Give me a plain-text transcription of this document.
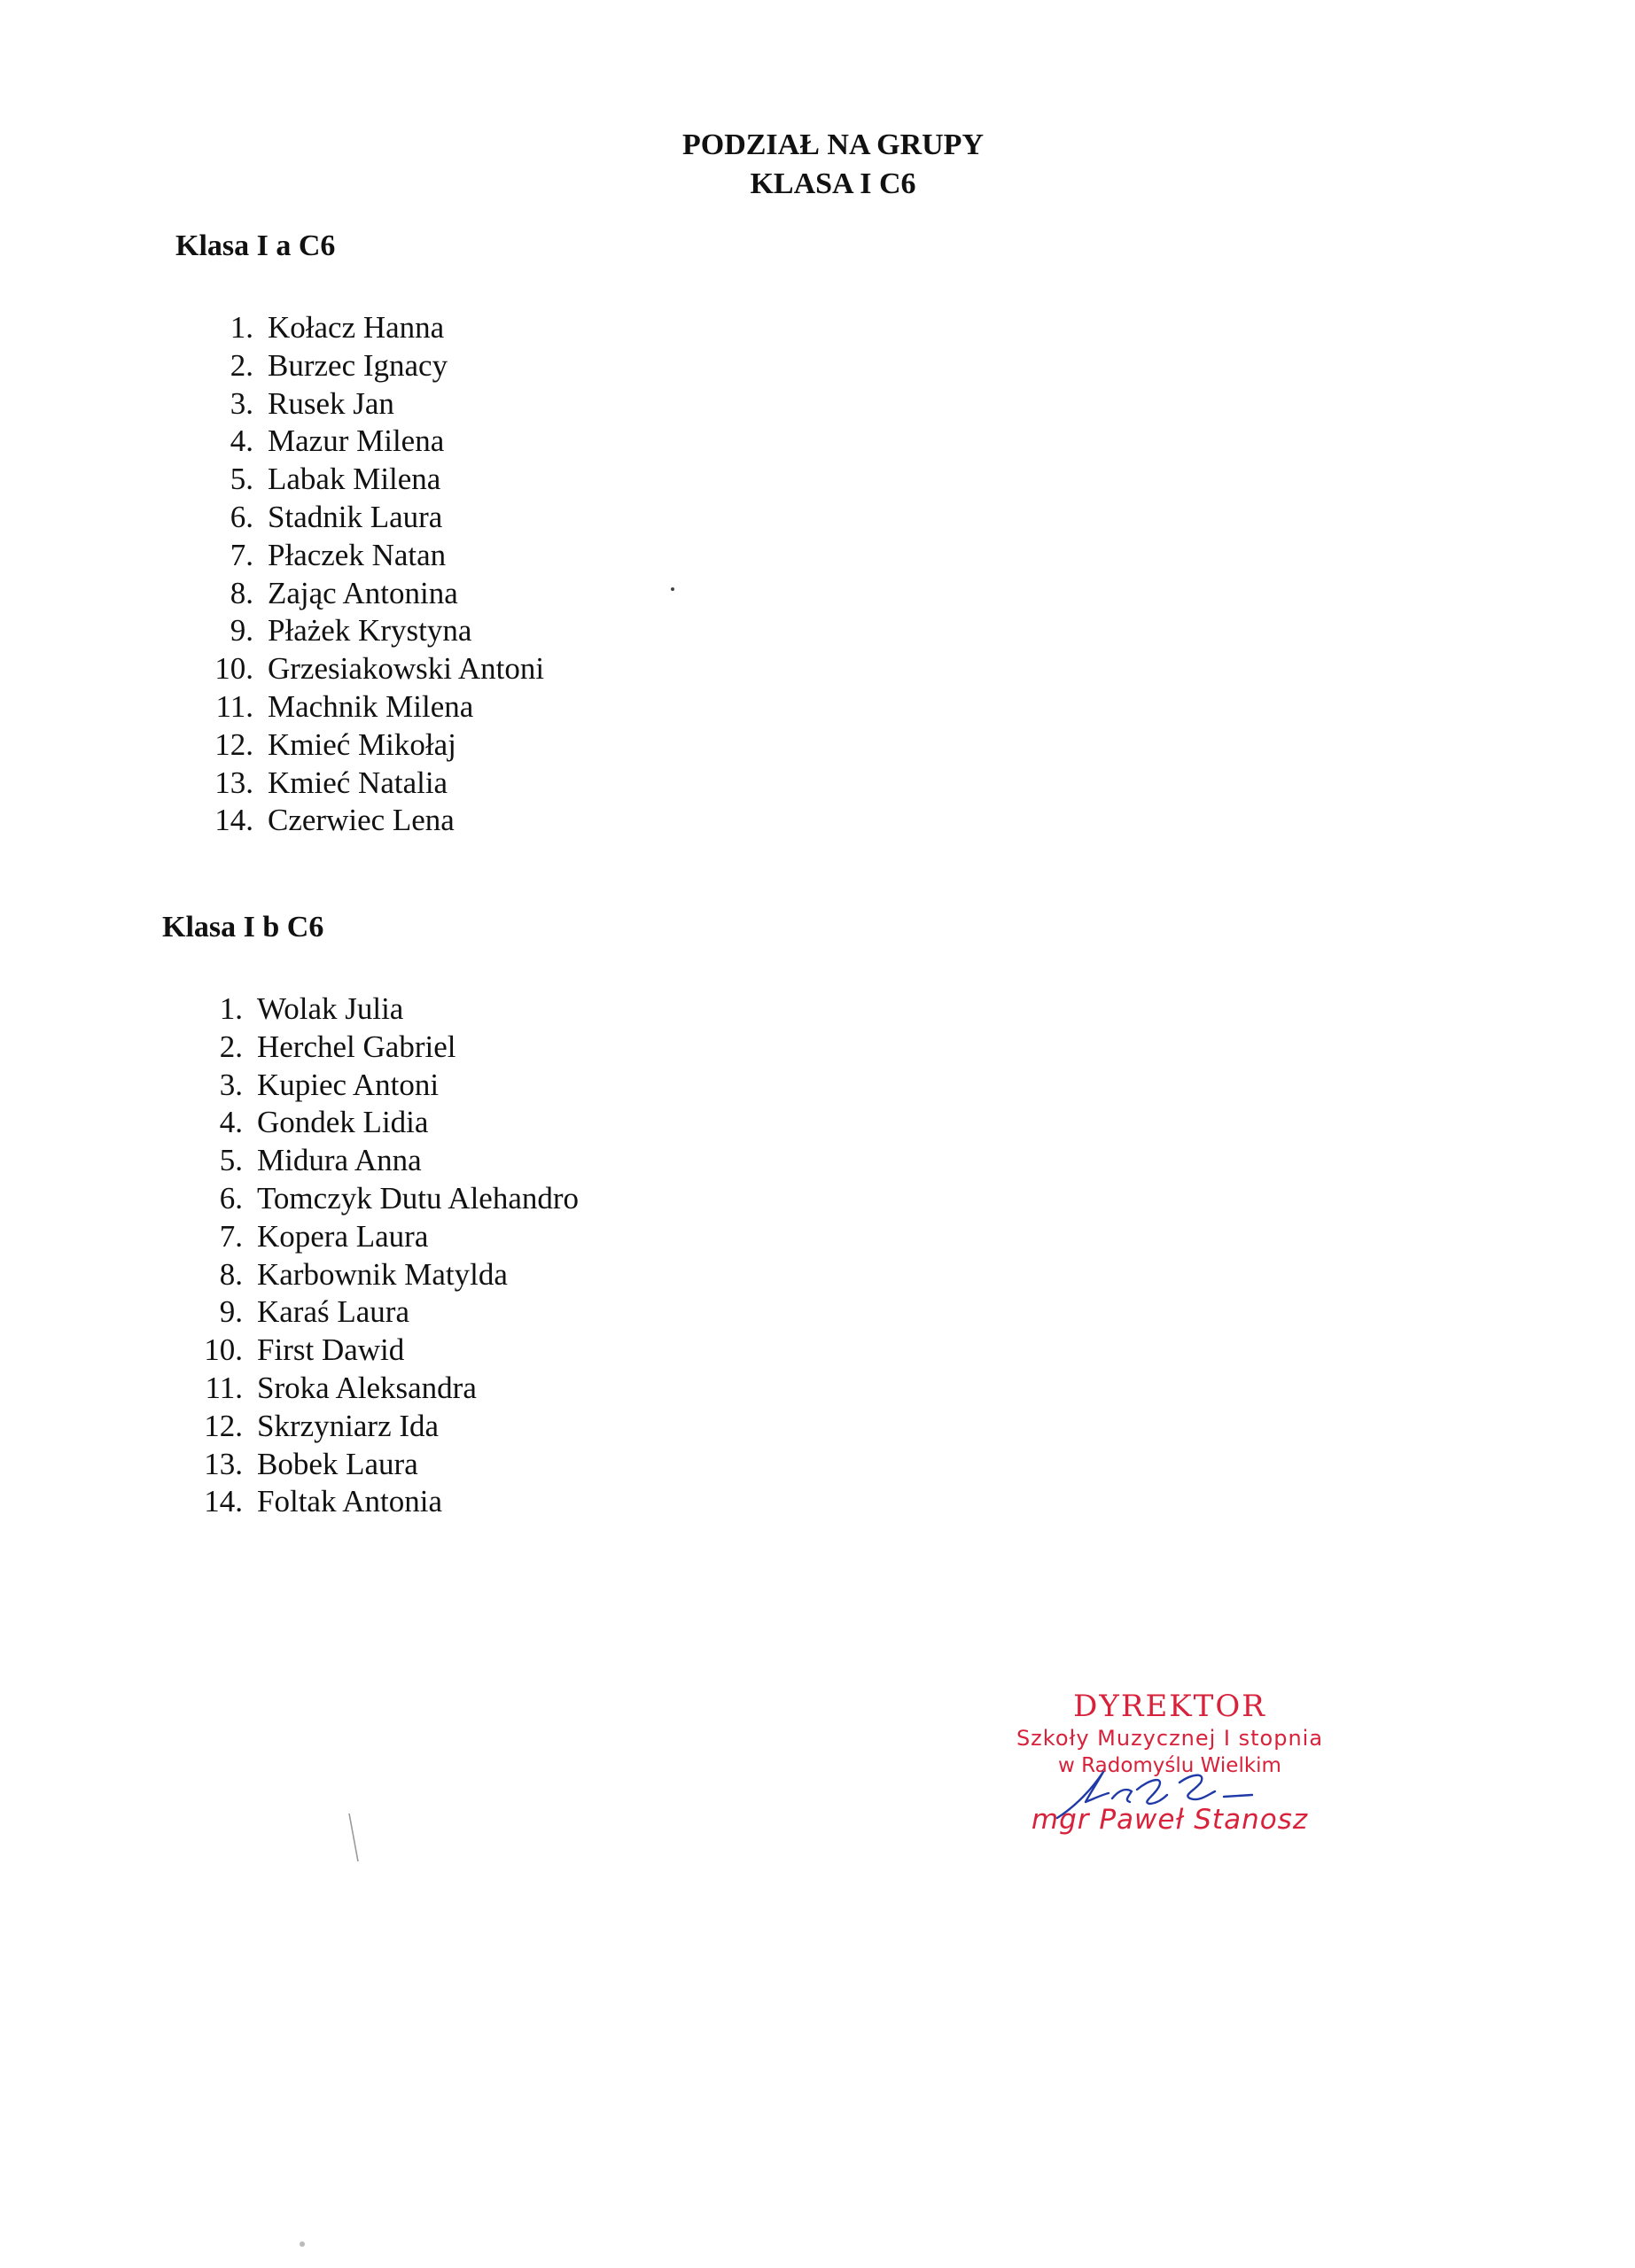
PODZIAŁ NA GRUPY
KLASA I C6
Klasa I a C6
1. Kołacz Hanna
2. Burzec Ignacy
3. Rusek Jan
4. Mazur Milena
5. Labak Milena
6. Stadnik Laura
7. Płaczek Natan
8. Zając Antonina
9. Płażek Krystyna
10. Grzesiakowski Antoni
11. Machnik Milena
12. Kmieć Mikołaj
13. Kmieć Natalia
14. Czerwiec Lena
Klasa I b C6
1. Wolak Julia
2. Herchel Gabriel
3. Kupiec Antoni
4. Gondek Lidia
5. Midura Anna
6. Tomczyk Dutu Alehandro
7. Kopera Laura
8. Karbownik Matylda
9. Karaś Laura
10. First Dawid
11. Sroka Aleksandra
12. Skrzyniarz Ida
13. Bobek Laura
14. Foltak Antonia

DYREKTOR

Szkoły Muzycznej I stopnia

w Radomyślu Wielkim

mgr Paweł Stanosz
